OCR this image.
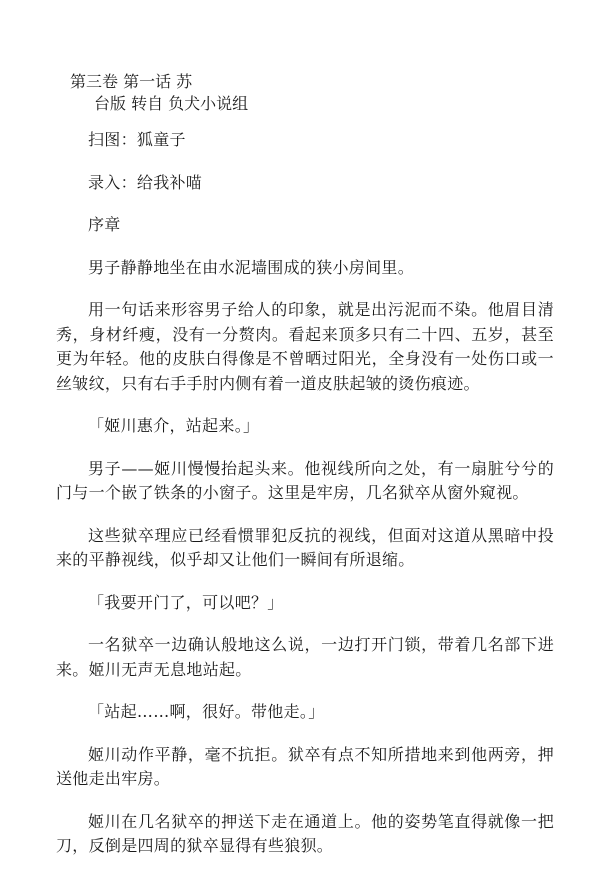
第三卷 第一话 苏
台版 转自 负犬小说组

扫图：狐童子

录入：给我补喵

序章

男子静静地坐在由水泥墙围成的狭小房间里。

用一句话来形容男子给人的印象，就是出污泥而不染。他眉目清秀，身材纤瘦，没有一分赘肉。看起来顶多只有二十四、五岁，甚至更为年轻。他的皮肤白得像是不曾晒过阳光，全身没有一处伤口或一丝皱纹，只有右手手肘内侧有着一道皮肤起皱的烫伤痕迹。

「姬川惠介，站起来。」

男子——姬川慢慢抬起头来。他视线所向之处，有一扇脏兮兮的门与一个嵌了铁条的小窗子。这里是牢房，几名狱卒从窗外窥视。

这些狱卒理应已经看惯罪犯反抗的视线，但面对这道从黑暗中投来的平静视线，似乎却又让他们一瞬间有所退缩。

「我要开门了，可以吧？」

一名狱卒一边确认般地这么说，一边打开门锁，带着几名部下进来。姬川无声无息地站起。

「站起……啊，很好。带他走。」

姬川动作平静，毫不抗拒。狱卒有点不知所措地来到他两旁，押送他走出牢房。

姬川在几名狱卒的押送下走在通道上。他的姿势笔直得就像一把刀，反倒是四周的狱卒显得有些狼狈。
